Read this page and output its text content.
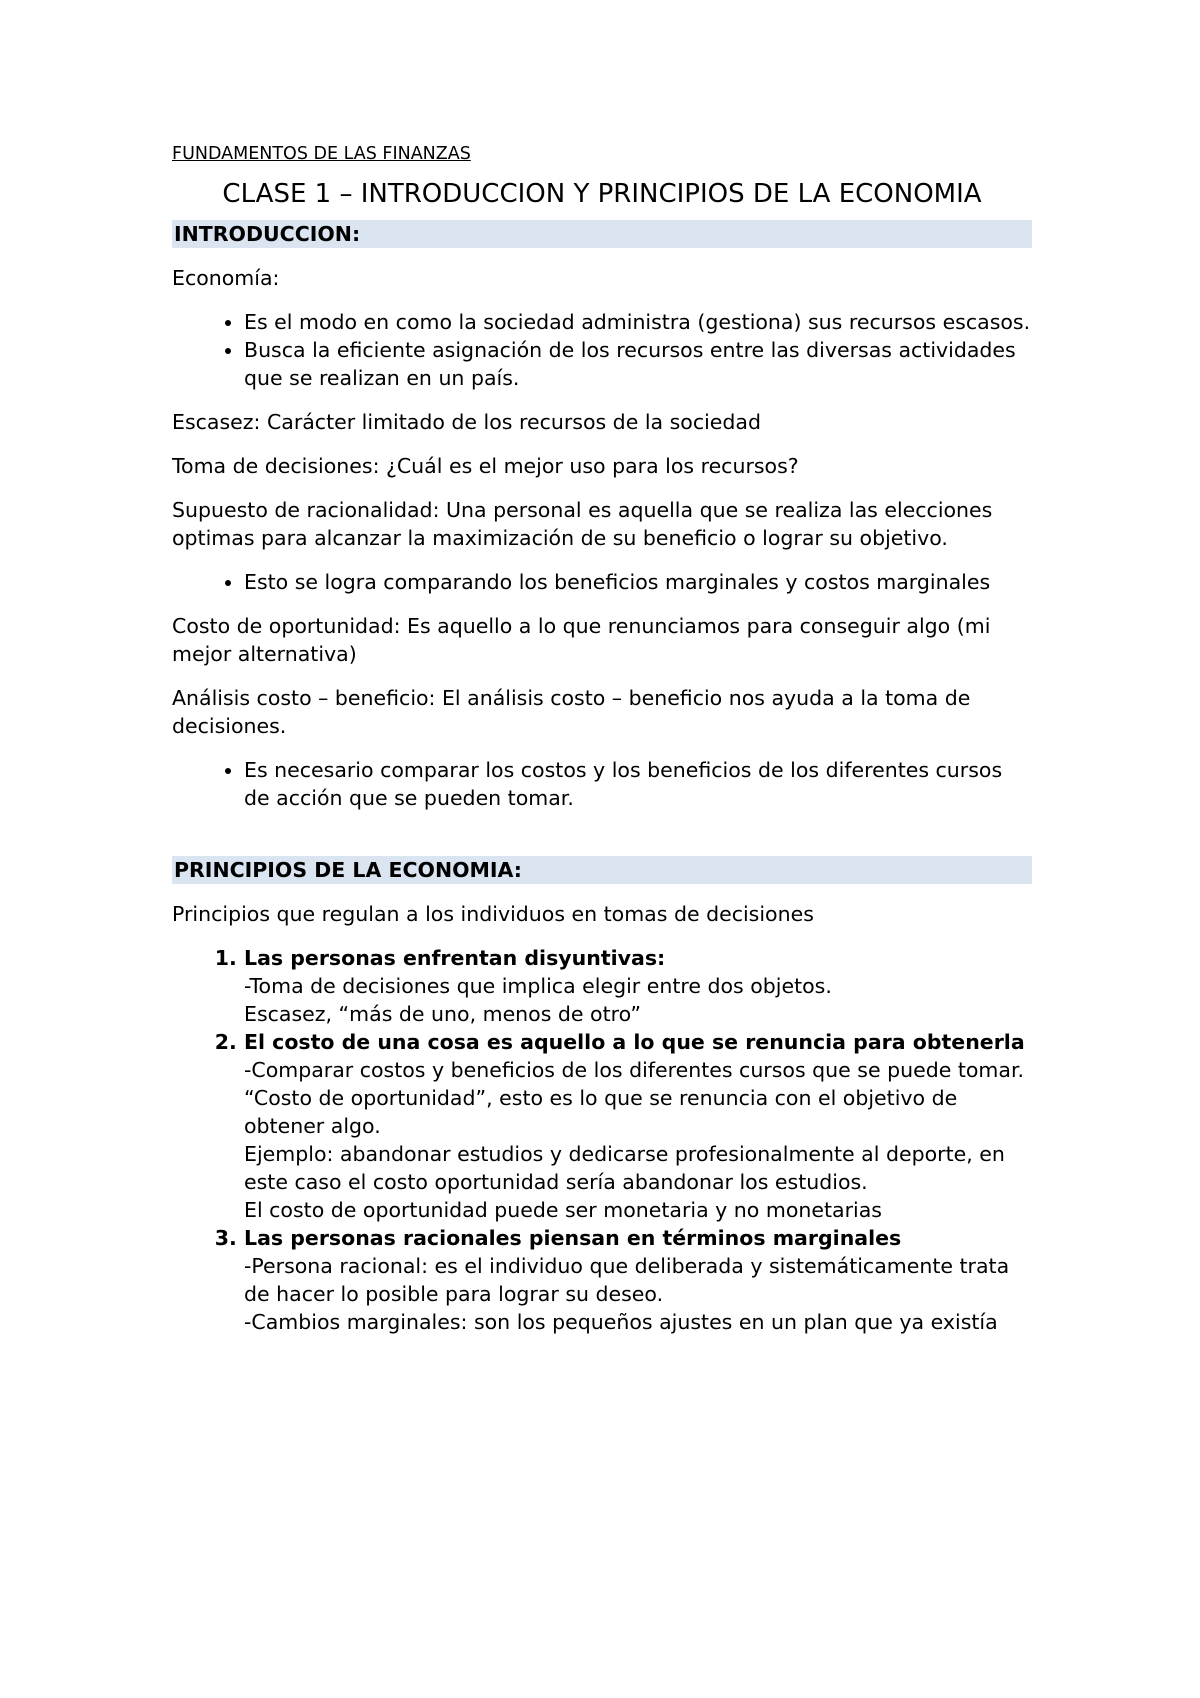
FUNDAMENTOS DE LAS FINANZAS
CLASE 1 – INTRODUCCION Y PRINCIPIOS DE LA ECONOMIA
INTRODUCCION:

Economía:

• Es el modo en como la sociedad administra (gestiona) sus recursos escasos.
• Busca la eficiente asignación de los recursos entre las diversas actividades que se realizan en un país.

Escasez: Carácter limitado de los recursos de la sociedad

Toma de decisiones: ¿Cuál es el mejor uso para los recursos?

Supuesto de racionalidad: Una personal es aquella que se realiza las elecciones optimas para alcanzar la maximización de su beneficio o lograr su objetivo.

• Esto se logra comparando los beneficios marginales y costos marginales

Costo de oportunidad: Es aquello a lo que renunciamos para conseguir algo (mi mejor alternativa)

Análisis costo – beneficio: El análisis costo – beneficio nos ayuda a la toma de decisiones.

• Es necesario comparar los costos y los beneficios de los diferentes cursos de acción que se pueden tomar.
PRINCIPIOS DE LA ECONOMIA:

Principios que regulan a los individuos en tomas de decisiones

1. Las personas enfrentan disyuntivas:
-Toma de decisiones que implica elegir entre dos objetos.
Escasez, “más de uno, menos de otro”
2. El costo de una cosa es aquello a lo que se renuncia para obtenerla
-Comparar costos y beneficios de los diferentes cursos que se puede tomar. “Costo de oportunidad”, esto es lo que se renuncia con el objetivo de obtener algo.
Ejemplo: abandonar estudios y dedicarse profesionalmente al deporte, en este caso el costo oportunidad sería abandonar los estudios.
El costo de oportunidad puede ser monetaria y no monetarias
3. Las personas racionales piensan en términos marginales
-Persona racional: es el individuo que deliberada y sistemáticamente trata de hacer lo posible para lograr su deseo.
-Cambios marginales: son los pequeños ajustes en un plan que ya existía
